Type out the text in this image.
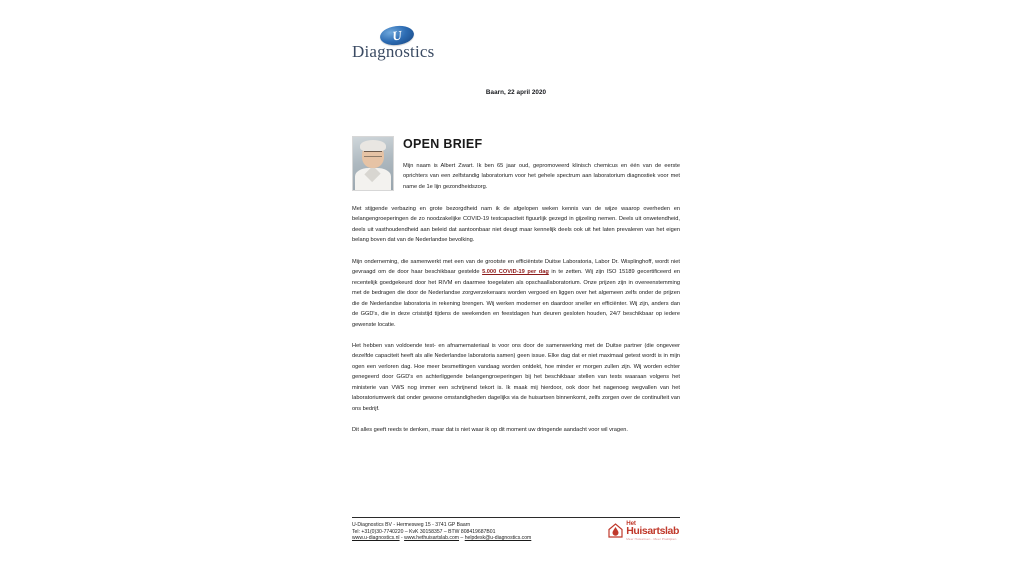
U
Diagnostics
Baarn, 22 april 2020
OPEN BRIEF

Mijn naam is Albert Zwart. Ik ben 65 jaar oud, gepromoveerd klinisch chemicus en één van de eerste oprichters van een zelfstandig laboratorium voor het gehele spectrum aan laboratorium diagnostiek voor met name de 1e lijn gezondheidszorg.

Met stijgende verbazing en grote bezorgdheid nam ik de afgelopen weken kennis van de wijze waarop overheden en belangengroeperingen de zo noodzakelijke COVID-19 testcapaciteit figuurlijk gezegd in gijzeling nemen. Deels uit onwetendheid, deels uit vasthoudendheid aan beleid dat aantoonbaar niet deugt maar kennelijk deels ook uit het laten prevaleren van het eigen belang boven dat van de Nederlandse bevolking.

Mijn onderneming, die samenwerkt met een van de grootste en efficiëntste Duitse Laboratoria, Labor Dr. Wisplinghoff, wordt niet gevraagd om de door haar beschikbaar gestelde 5.000 COVID-19 per dag in te zetten. Wij zijn ISO 15189 gecertificeerd en recentelijk goedgekeurd door het RIVM en daarmee toegelaten als opschaallaboratorium. Onze prijzen zijn in overeenstemming met de bedragen die door de Nederlandse zorgverzekeraars worden vergoed en liggen over het algemeen zelfs onder de prijzen die de Nederlandse laboratoria in rekening brengen. Wij werken moderner en daardoor sneller en efficiënter. Wij zijn, anders dan de GGD's, die in deze crisistijd tijdens de weekenden en feestdagen hun deuren gesloten houden, 24/7 beschikbaar op iedere gewenste locatie.

Het hebben van voldoende test- en afnamemateriaal is voor ons door de samenwerking met de Duitse partner (die ongeveer dezelfde capaciteit heeft als alle Nederlandse laboratoria samen) geen issue. Elke dag dat er niet maximaal getest wordt is in mijn ogen een verloren dag. Hoe meer besmettingen vandaag worden ontdekt, hoe minder er morgen zullen zijn. Wij worden echter genegeerd door GGD's en achterliggende belangengroeperingen bij het beschikbaar stellen van tests waaraan volgens het ministerie van VWS nog immer een schrijnend tekort is. Ik maak mij hierdoor, ook door het nagenoeg wegvallen van het laboratoriumwerk dat onder gewone omstandigheden dagelijks via de huisartsen binnenkomt, zelfs zorgen over de continuïteit van ons bedrijf.

Dit alles geeft reeds te denken, maar dat is niet waar ik op dit moment uw dringende aandacht voor wil vragen.

U-Diagnostics BV - Hermesweg 15 - 3741 GP Baarn
Tel: +31(0)30-7740220 – KvK 30158357 – BTW 808419687B01
www.u-diagnostics.nl - www.hethuisartslab.com – helpdesk@u-diagnostics.com
Het
Huisartslab
Meer Huisartsen - Meer Praktijken
